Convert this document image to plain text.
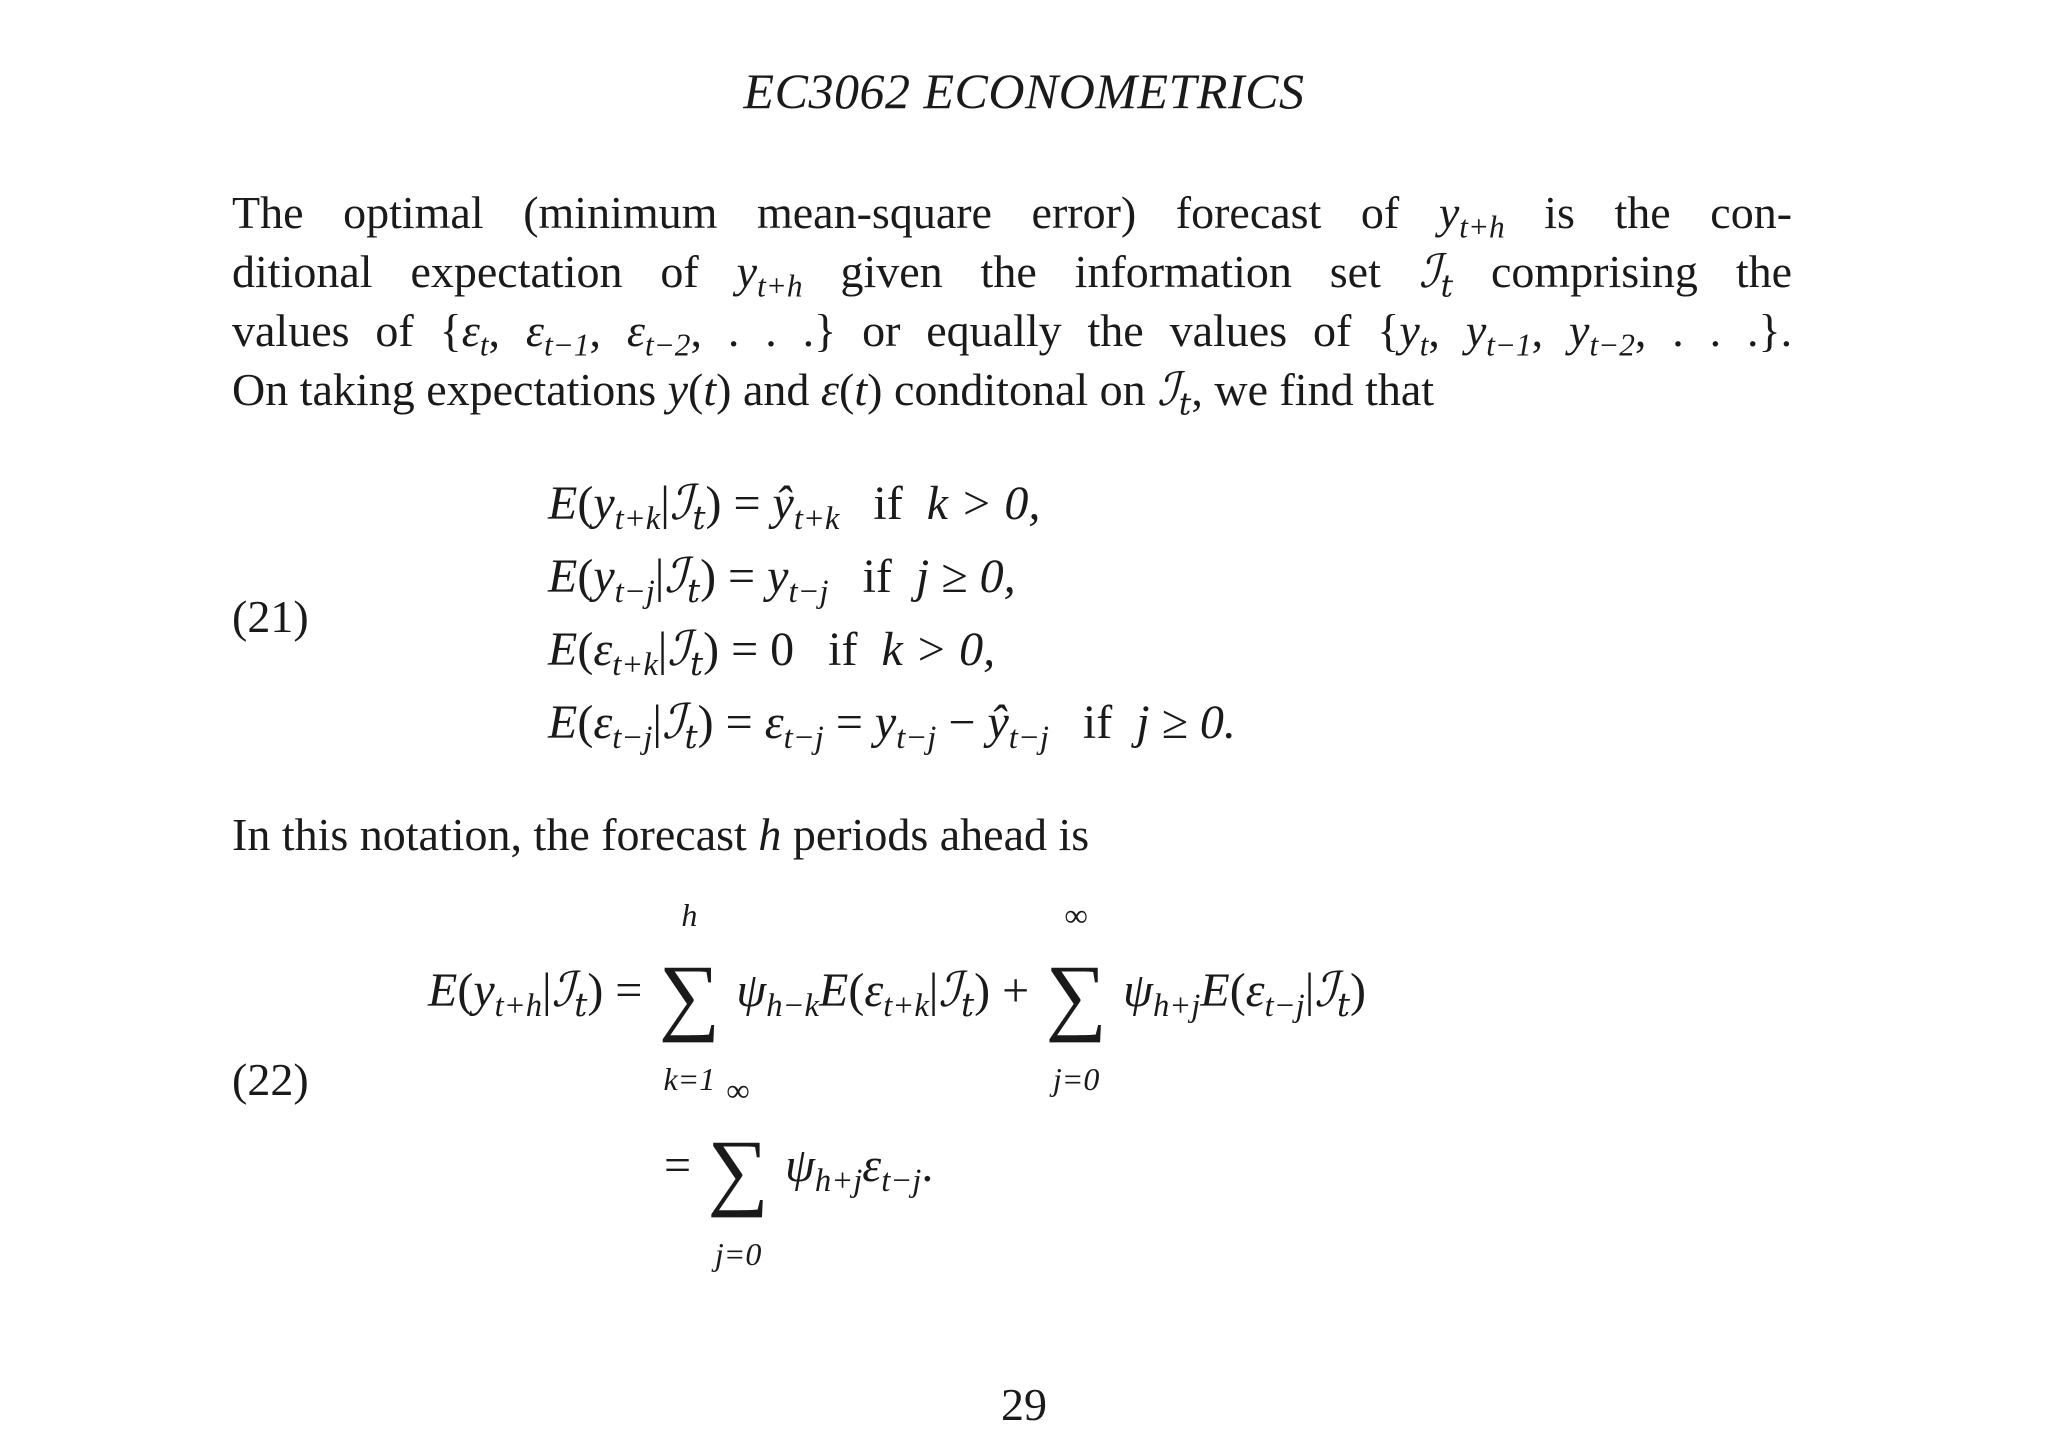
EC3062 ECONOMETRICS
The optimal (minimum mean-square error) forecast of $y_{t+h}$ is the con-
ditional expectation of $y_{t+h}$ given the information set ℐ$_t$ comprising the
values of {$\varepsilon_t$, $\varepsilon_{t-1}$, $\varepsilon_{t-2}$, . . .} or equally the values of {$y_t$, $y_{t-1}$, $y_{t-2}$, . . .}.
On taking expectations y(t) and ε(t) conditonal on ℐ$_t$, we find that
(21)
$E(y_{t+k}|ℐ_t)$ = $ŷ_{t+k}$ if k > 0,
$E(y_{t-j}|ℐ_t) = y_{t-j}$ if j ≥ 0,
$E(\varepsilon_{t+k}|ℐ_t) = 0$ if k > 0,
$E(\varepsilon_{t-j}|ℐ_t) = \varepsilon_{t-j} = y_{t-j}$ − $ŷ_{t-j}$ if j ≥ 0.
In this notation, the forecast h periods ahead is
(22)
$E(y_{t+h}|ℐ_t)$ =
h
∑
k=1
$\psi_{h-k}E(\varepsilon_{t+k}|ℐ_t)$ +
∞
∑
j=0
$\psi_{h+j}E(\varepsilon_{t-j}|ℐ_t)$
=
∞
∑
j=0
$\psi_{h+j}\varepsilon_{t-j}$.
29
